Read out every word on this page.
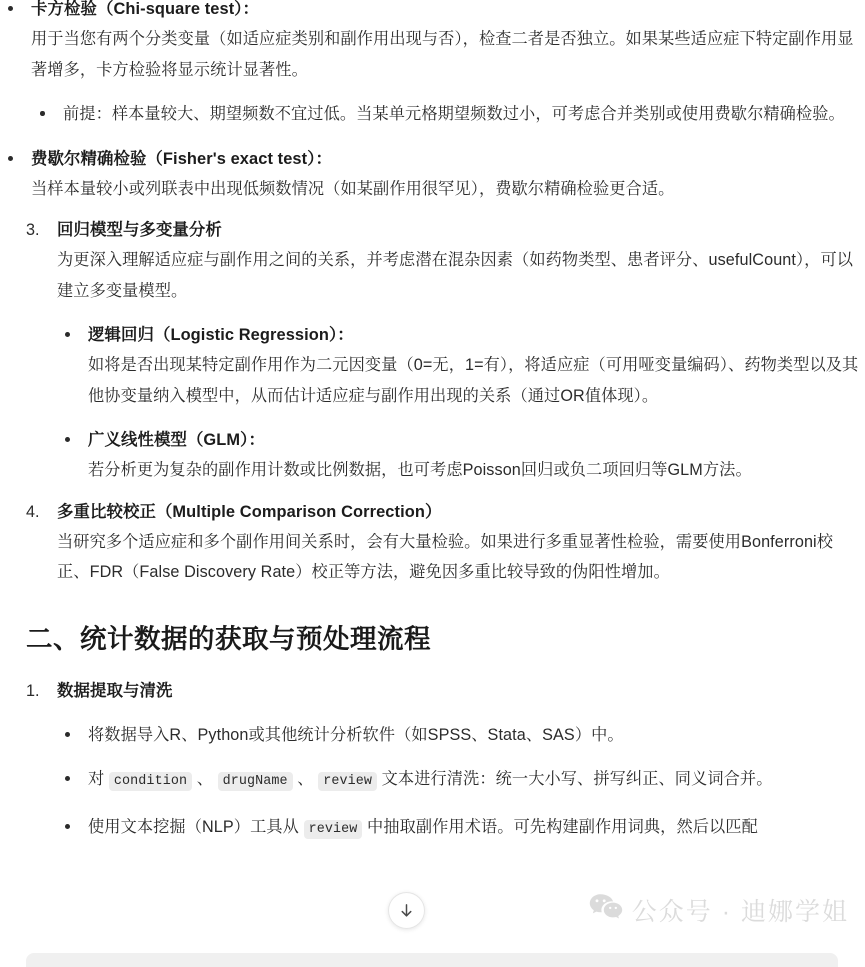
卡方检验（Chi-square test）：
用于当您有两个分类变量（如适应症类别和副作用出现与否），检查二者是否独立。如果某些适应症下特定副作用显著增多，卡方检验将显示统计显著性。
前提：样本量较大、期望频数不宜过低。当某单元格期望频数过小，可考虑合并类别或使用费歇尔精确检验。
费歇尔精确检验（Fisher's exact test）：
当样本量较小或列联表中出现低频数情况（如某副作用很罕见），费歇尔精确检验更合适。
3.	回归模型与多变量分析
为更深入理解适应症与副作用之间的关系，并考虑潜在混杂因素（如药物类型、患者评分、usefulCount），可以建立多变量模型。
逻辑回归（Logistic Regression）：
如将是否出现某特定副作用作为二元因变量（0=无，1=有），将适应症（可用哑变量编码）、药物类型以及其他协变量纳入模型中，从而估计适应症与副作用出现的关系（通过OR值体现）。
广义线性模型（GLM）：
若分析更为复杂的副作用计数或比例数据，也可考虑Poisson回归或负二项回归等GLM方法。
4.	多重比较校正（Multiple Comparison Correction）
当研究多个适应症和多个副作用间关系时，会有大量检验。如果进行多重显著性检验，需要使用Bonferroni校正、FDR（False Discovery Rate）校正等方法，避免因多重比较导致的伪阳性增加。
二、统计数据的获取与预处理流程
1.	数据提取与清洗
将数据导入R、Python或其他统计分析软件（如SPSS、Stata、SAS）中。
对 condition 、 drugName 、 review 文本进行清洗：统一大小写、拼写纠正、同义词合并。
使用文本挖掘（NLP）工具从 review 中抽取副作用术语。可先构建副作用词典，然后以匹配
公众号 · 迪娜学姐
